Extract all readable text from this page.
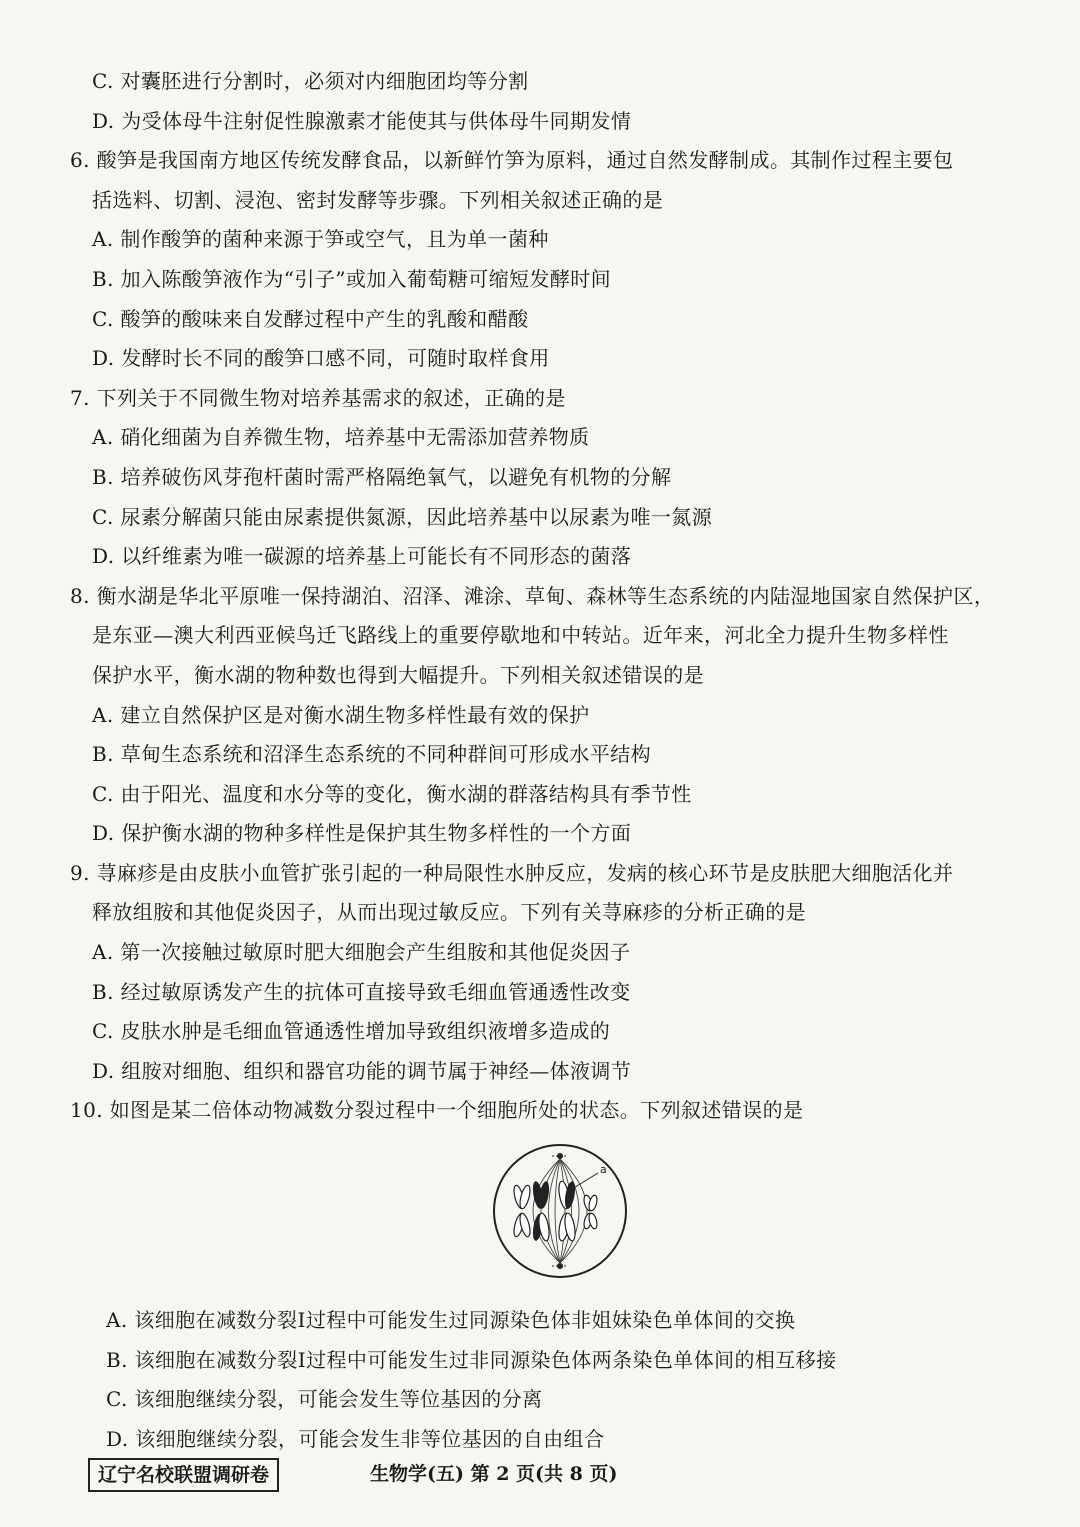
C. 对囊胚进行分割时，必须对内细胞团均等分割
D. 为受体母牛注射促性腺激素才能使其与供体母牛同期发情
6. 酸笋是我国南方地区传统发酵食品，以新鲜竹笋为原料，通过自然发酵制成。其制作过程主要包
括选料、切割、浸泡、密封发酵等步骤。下列相关叙述正确的是
A. 制作酸笋的菌种来源于笋或空气，且为单一菌种
B. 加入陈酸笋液作为“引子”或加入葡萄糖可缩短发酵时间
C. 酸笋的酸味来自发酵过程中产生的乳酸和醋酸
D. 发酵时长不同的酸笋口感不同，可随时取样食用
7. 下列关于不同微生物对培养基需求的叙述，正确的是
A. 硝化细菌为自养微生物，培养基中无需添加营养物质
B. 培养破伤风芽孢杆菌时需严格隔绝氧气，以避免有机物的分解
C. 尿素分解菌只能由尿素提供氮源，因此培养基中以尿素为唯一氮源
D. 以纤维素为唯一碳源的培养基上可能长有不同形态的菌落
8. 衡水湖是华北平原唯一保持湖泊、沼泽、滩涂、草甸、森林等生态系统的内陆湿地国家自然保护区，
是东亚—澳大利西亚候鸟迁飞路线上的重要停歇地和中转站。近年来，河北全力提升生物多样性
保护水平，衡水湖的物种数也得到大幅提升。下列相关叙述错误的是
A. 建立自然保护区是对衡水湖生物多样性最有效的保护
B. 草甸生态系统和沼泽生态系统的不同种群间可形成水平结构
C. 由于阳光、温度和水分等的变化，衡水湖的群落结构具有季节性
D. 保护衡水湖的物种多样性是保护其生物多样性的一个方面
9. 荨麻疹是由皮肤小血管扩张引起的一种局限性水肿反应，发病的核心环节是皮肤肥大细胞活化并
释放组胺和其他促炎因子，从而出现过敏反应。下列有关荨麻疹的分析正确的是
A. 第一次接触过敏原时肥大细胞会产生组胺和其他促炎因子
B. 经过敏原诱发产生的抗体可直接导致毛细血管通透性改变
C. 皮肤水肿是毛细血管通透性增加导致组织液增多造成的
D. 组胺对细胞、组织和器官功能的调节属于神经—体液调节
10. 如图是某二倍体动物减数分裂过程中一个细胞所处的状态。下列叙述错误的是
a
A. 该细胞在减数分裂Ⅰ过程中可能发生过同源染色体非姐妹染色单体间的交换
B. 该细胞在减数分裂Ⅰ过程中可能发生过非同源染色体两条染色单体间的相互移接
C. 该细胞继续分裂，可能会发生等位基因的分离
D. 该细胞继续分裂，可能会发生非等位基因的自由组合
辽宁名校联盟调研卷	生物学(五) 第 2 页(共 8 页)
